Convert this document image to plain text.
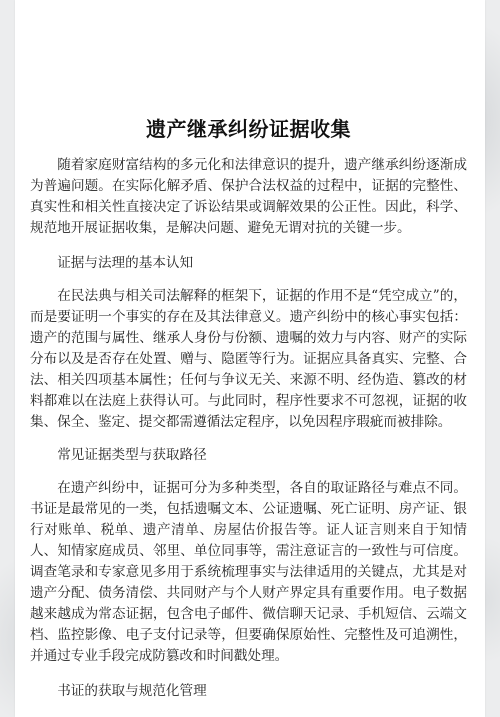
遗产继承纠纷证据收集

随着家庭财富结构的多元化和法律意识的提升，遗产继承纠纷逐渐成为普遍问题。在实际化解矛盾、保护合法权益的过程中，证据的完整性、真实性和相关性直接决定了诉讼结果或调解效果的公正性。因此，科学、规范地开展证据收集，是解决问题、避免无谓对抗的关键一步。

证据与法理的基本认知

在民法典与相关司法解释的框架下，证据的作用不是“凭空成立”的，而是要证明一个事实的存在及其法律意义。遗产纠纷中的核心事实包括：遗产的范围与属性、继承人身份与份额、遗嘱的效力与内容、财产的实际分布以及是否存在处置、赠与、隐匿等行为。证据应具备真实、完整、合法、相关四项基本属性；任何与争议无关、来源不明、经伪造、篡改的材料都难以在法庭上获得认可。与此同时，程序性要求不可忽视，证据的收集、保全、鉴定、提交都需遵循法定程序，以免因程序瑕疵而被排除。

常见证据类型与获取路径

在遗产纠纷中，证据可分为多种类型，各自的取证路径与难点不同。书证是最常见的一类，包括遗嘱文本、公证遗嘱、死亡证明、房产证、银行对账单、税单、遗产清单、房屋估价报告等。证人证言则来自于知情人、知情家庭成员、邻里、单位同事等，需注意证言的一致性与可信度。调查笔录和专家意见多用于系统梳理事实与法律适用的关键点，尤其是对遗产分配、债务清偿、共同财产与个人财产界定具有重要作用。电子数据越来越成为常态证据，包含电子邮件、微信聊天记录、手机短信、云端文档、监控影像、电子支付记录等，但要确保原始性、完整性及可追溯性，并通过专业手段完成防篡改和时间戳处理。

书证的获取与规范化管理
